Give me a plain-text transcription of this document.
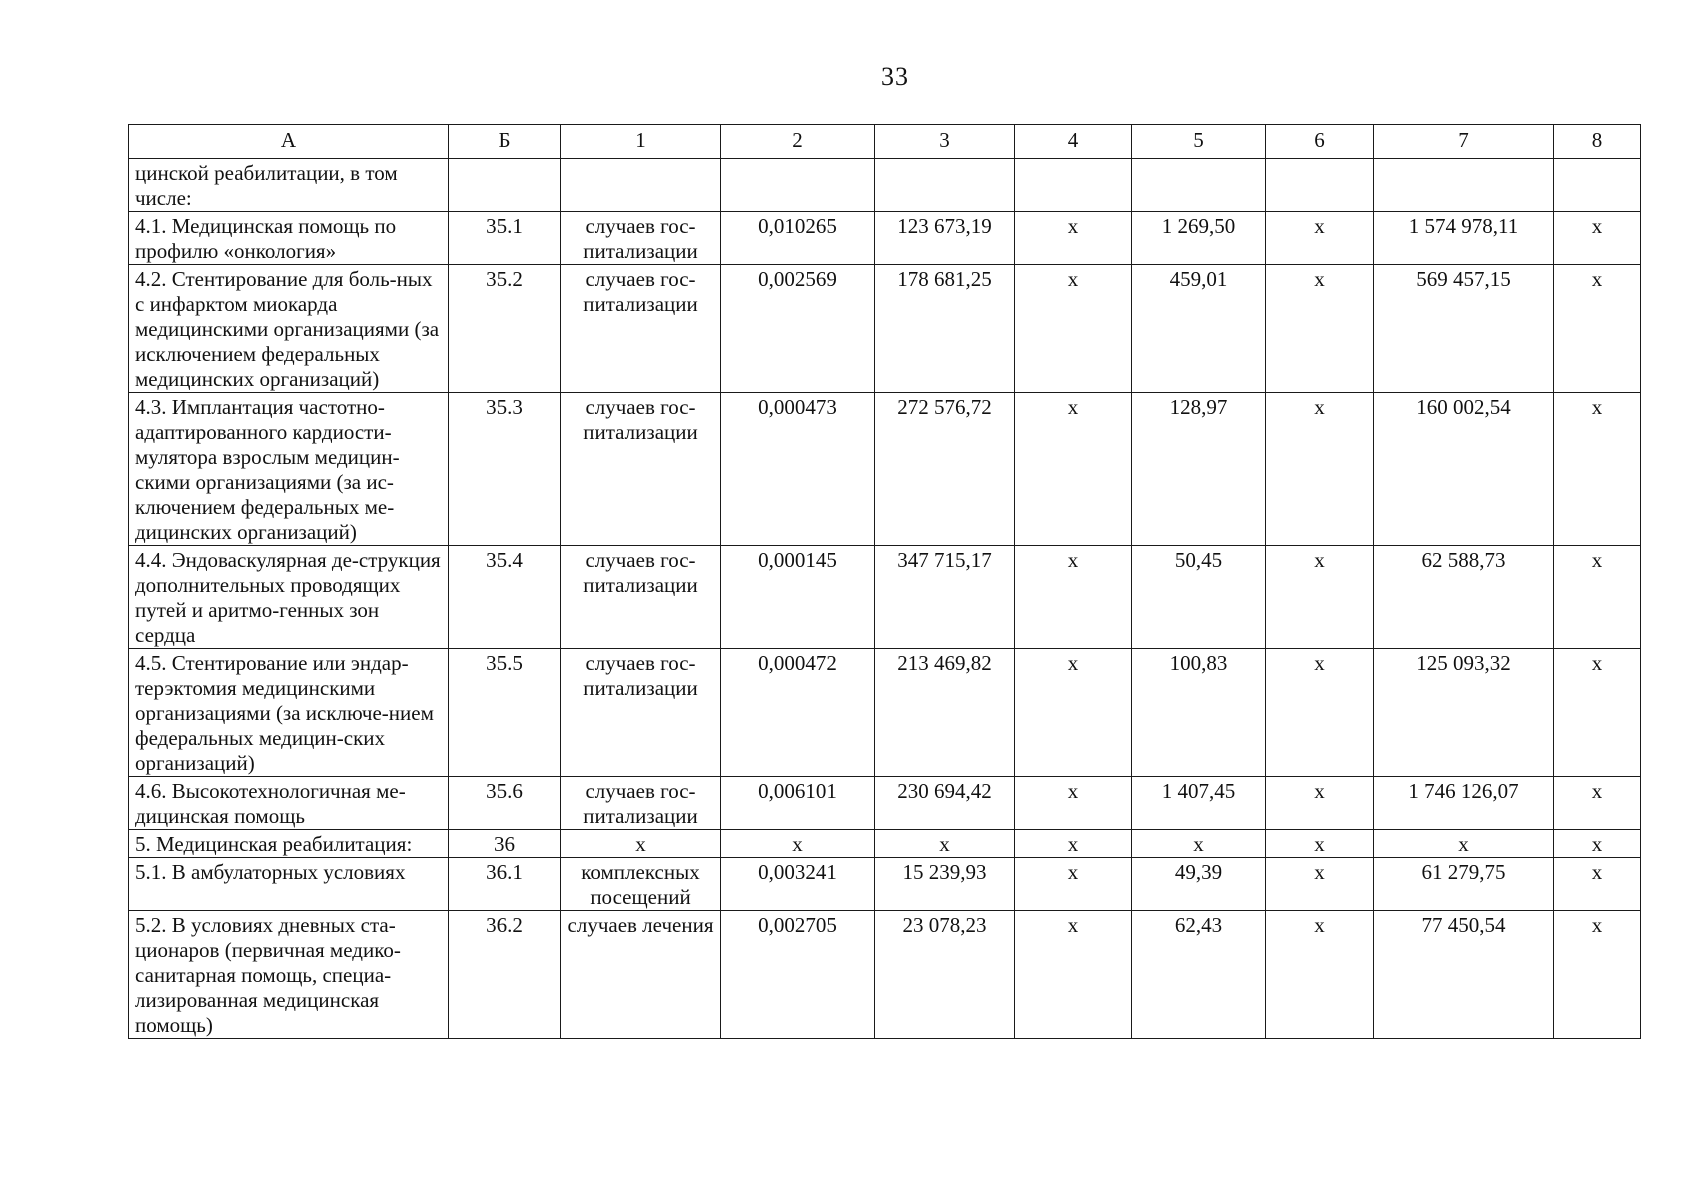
33
А	Б	1	2	3	4	5	6	7	8
цинской реабилитации, в том числе:									
4.1. Медицинская помощь по профилю «онкология»	35.1	случаев гос-питализации	0,010265	123 673,19	x	1 269,50	x	1 574 978,11	x
4.2. Стентирование для боль-ных с инфарктом миокарда медицинскими организациями (за исключением федеральных медицинских организаций)	35.2	случаев гос-питализации	0,002569	178 681,25	x	459,01	x	569 457,15	x
4.3. Имплантация частотно-адаптированного кардиости-мулятора взрослым медицин-скими организациями (за ис-ключением федеральных ме-дицинских организаций)	35.3	случаев гос-питализации	0,000473	272 576,72	x	128,97	x	160 002,54	x
4.4. Эндоваскулярная де-струкция дополнительных проводящих путей и аритмо-генных зон сердца	35.4	случаев гос-питализации	0,000145	347 715,17	x	50,45	x	62 588,73	x
4.5. Стентирование или эндар-терэктомия медицинскими организациями (за исключе-нием федеральных медицин-ских организаций)	35.5	случаев гос-питализации	0,000472	213 469,82	x	100,83	x	125 093,32	x
4.6. Высокотехнологичная ме-дицинская помощь	35.6	случаев гос-питализации	0,006101	230 694,42	x	1 407,45	x	1 746 126,07	x
5. Медицинская реабилитация:	36	x	x	x	x	x	x	x	x
5.1. В амбулаторных условиях	36.1	комплексных посещений	0,003241	15 239,93	x	49,39	x	61 279,75	x
5.2. В условиях дневных ста-ционаров (первичная медико-санитарная помощь, специа-лизированная медицинская помощь)	36.2	случаев лечения	0,002705	23 078,23	x	62,43	x	77 450,54	x
